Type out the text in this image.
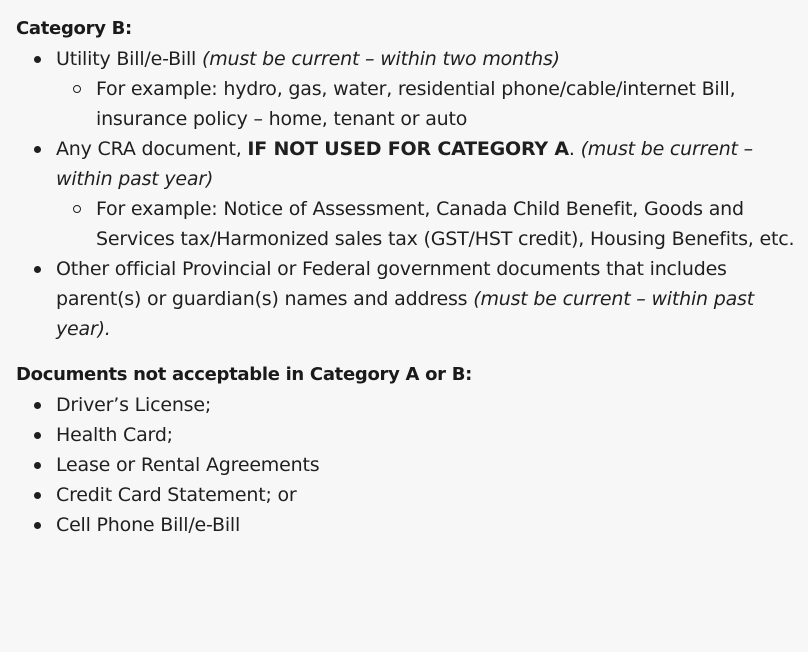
Category B:
Utility Bill/e-Bill (must be current – within two months)
For example: hydro, gas, water, residential phone/cable/internet Bill, insurance policy – home, tenant or auto
Any CRA document, IF NOT USED FOR CATEGORY A. (must be current – within past year)
For example: Notice of Assessment, Canada Child Benefit, Goods and Services tax/Harmonized sales tax (GST/HST credit), Housing Benefits, etc.
Other official Provincial or Federal government documents that includes parent(s) or guardian(s) names and address (must be current – within past year).
Documents not acceptable in Category A or B:
Driver’s License;
Health Card;
Lease or Rental Agreements
Credit Card Statement; or
Cell Phone Bill/e-Bill
